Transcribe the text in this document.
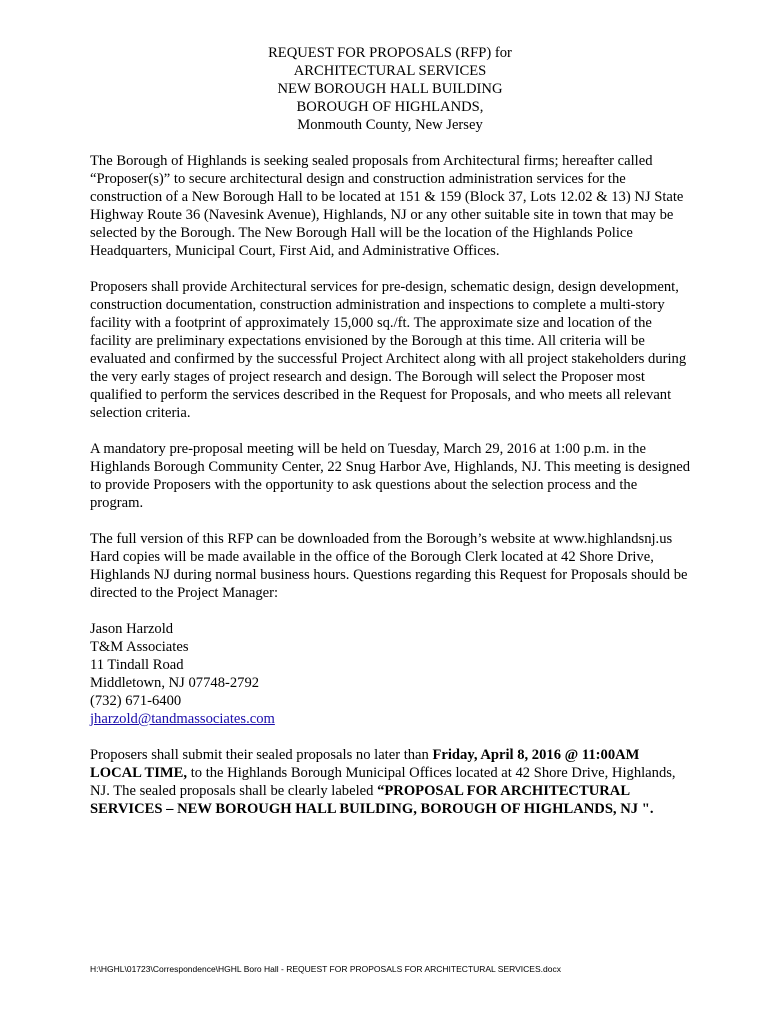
REQUEST FOR PROPOSALS (RFP) for
ARCHITECTURAL SERVICES
NEW BOROUGH HALL BUILDING
BOROUGH OF HIGHLANDS,
Monmouth County, New Jersey

The Borough of Highlands is seeking sealed proposals from Architectural firms; hereafter called “Proposer(s)” to secure architectural design and construction administration services for the construction of a New Borough Hall to be located at 151 & 159 (Block 37, Lots 12.02 & 13) NJ State Highway Route 36 (Navesink Avenue), Highlands, NJ or any other suitable site in town that may be selected by the Borough. The New Borough Hall will be the location of the Highlands Police Headquarters, Municipal Court, First Aid, and Administrative Offices.

Proposers shall provide Architectural services for pre-design, schematic design, design development, construction documentation, construction administration and inspections to complete a multi-story facility with a footprint of approximately 15,000 sq./ft. The approximate size and location of the facility are preliminary expectations envisioned by the Borough at this time. All criteria will be evaluated and confirmed by the successful Project Architect along with all project stakeholders during the very early stages of project research and design. The Borough will select the Proposer most qualified to perform the services described in the Request for Proposals, and who meets all relevant selection criteria.

A mandatory pre-proposal meeting will be held on Tuesday, March 29, 2016 at 1:00 p.m. in the Highlands Borough Community Center, 22 Snug Harbor Ave, Highlands, NJ. This meeting is designed to provide Proposers with the opportunity to ask questions about the selection process and the program.

The full version of this RFP can be downloaded from the Borough’s website at www.highlandsnj.us Hard copies will be made available in the office of the Borough Clerk located at 42 Shore Drive, Highlands NJ during normal business hours. Questions regarding this Request for Proposals should be directed to the Project Manager:

Jason Harzold
T&M Associates
11 Tindall Road
Middletown, NJ 07748-2792
(732) 671-6400
jharzold@tandmassociates.com

Proposers shall submit their sealed proposals no later than Friday, April 8, 2016 @ 11:00AM LOCAL TIME, to the Highlands Borough Municipal Offices located at 42 Shore Drive, Highlands, NJ. The sealed proposals shall be clearly labeled “PROPOSAL FOR ARCHITECTURAL SERVICES – NEW BOROUGH HALL BUILDING, BOROUGH OF HIGHLANDS, NJ ".

H:\HGHL\01723\Correspondence\HGHL Boro Hall - REQUEST FOR PROPOSALS FOR ARCHITECTURAL SERVICES.docx
